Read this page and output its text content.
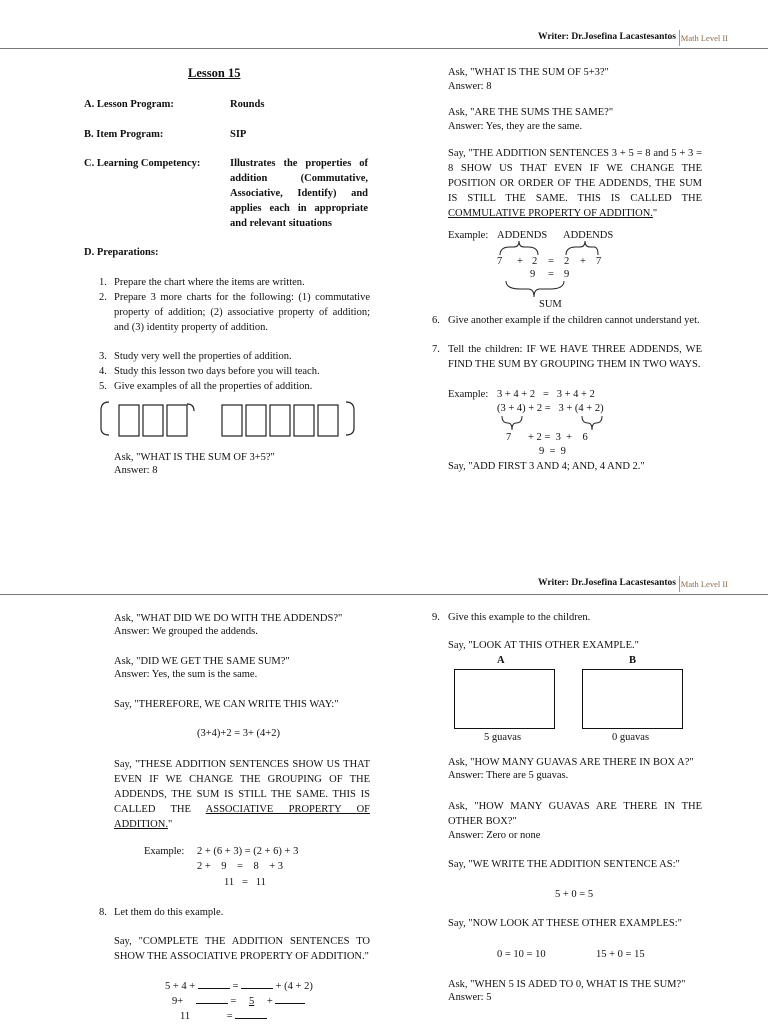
Writer: Dr.Josefina Lacastesantos Math Level II
Lesson 15
A. Lesson Program:	Rounds
B. Item Program:	SIP
C. Learning Competency:	Illustrates the properties of addition (Commutative, Associative, Identify) and applies each in appropriate and relevant situations
D. Preparations:
1. Prepare the chart where the items are written.
2. Prepare 3 more charts for the following: (1) commutative property of addition; (2) associative property of addition; and (3) identity property of addition.
3. Study very well the properties of addition.
4. Study this lesson two days before you will teach.
5. Give examples of all the properties of addition.
Ask, "WHAT IS THE SUM OF 3+5?"
Answer: 8
Ask, "WHAT IS THE SUM OF 5+3?"
Answer: 8
Ask, "ARE THE SUMS THE SAME?"
Answer: Yes, they are the same.
Say, "THE ADDITION SENTENCES 3 + 5 = 8 and 5 + 3 = 8 SHOW US THAT EVEN IF WE CHANGE THE POSITION OR ORDER OF THE ADDENDS, THE SUM IS STILL THE SAME. THIS IS CALLED THE COMMULATIVE PROPERTY OF ADDITION."
Example: ADDENDS ADDENDS
7 + 2 = 2 + 7
9 = 9
SUM
6. Give another example if the children cannot understand yet.
7. Tell the children: IF WE HAVE THREE ADDENDS, WE FIND THE SUM BY GROUPING THEM IN TWO WAYS.
Example: 3 + 4 + 2   =   3 + 4 + 2
(3 + 4) + 2 =   3 + (4 + 2)
7 + 2 =  3  +    6
9  =  9
Say, "ADD FIRST 3 AND 4; AND, 4 AND 2."
Writer: Dr.Josefina Lacastesantos Math Level II
Ask, "WHAT DID WE DO WITH THE ADDENDS?"
Answer: We grouped the addends.
Ask, "DID WE GET THE SAME SUM?"
Answer: Yes, the sum is the same.
Say, "THEREFORE, WE CAN WRITE THIS WAY:"
(3+4)+2 = 3+ (4+2)
Say, "THESE ADDITION SENTENCES SHOW US THAT EVEN IF WE CHANGE THE GROUPING OF THE ADDENDS, THE SUM IS STILL THE SAME. THIS IS CALLED THE ASSOCIATIVE PROPERTY OF ADDITION."
Example: 2 + (6 + 3) = (2 + 6) + 3
2 +    9    =    8    + 3
11   =   11
8. Let them do this example.
Say, "COMPLETE THE ADDITION SENTENCES TO SHOW THE ASSOCIATIVE PROPERTY OF ADDITION."
5 + 4 +	=	+ (4 + 2)
9+	= 5 +
11	=
9. Give this example to the children.
Say, "LOOK AT THIS OTHER EXAMPLE."
A	B
5 guavas	0 guavas
Ask, "HOW MANY GUAVAS ARE THERE IN BOX A?"
Answer: There are 5 guavas.
Ask, "HOW MANY GUAVAS ARE THERE IN THE OTHER BOX?"
Answer: Zero or none
Say, "WE WRITE THE ADDITION SENTENCE AS:"
5 + 0 = 5
Say, "NOW LOOK AT THESE OTHER EXAMPLES:"
0 = 10 = 10	15 + 0 = 15
Ask, "WHEN 5 IS ADED TO 0, WHAT IS THE SUM?"
Answer: 5
